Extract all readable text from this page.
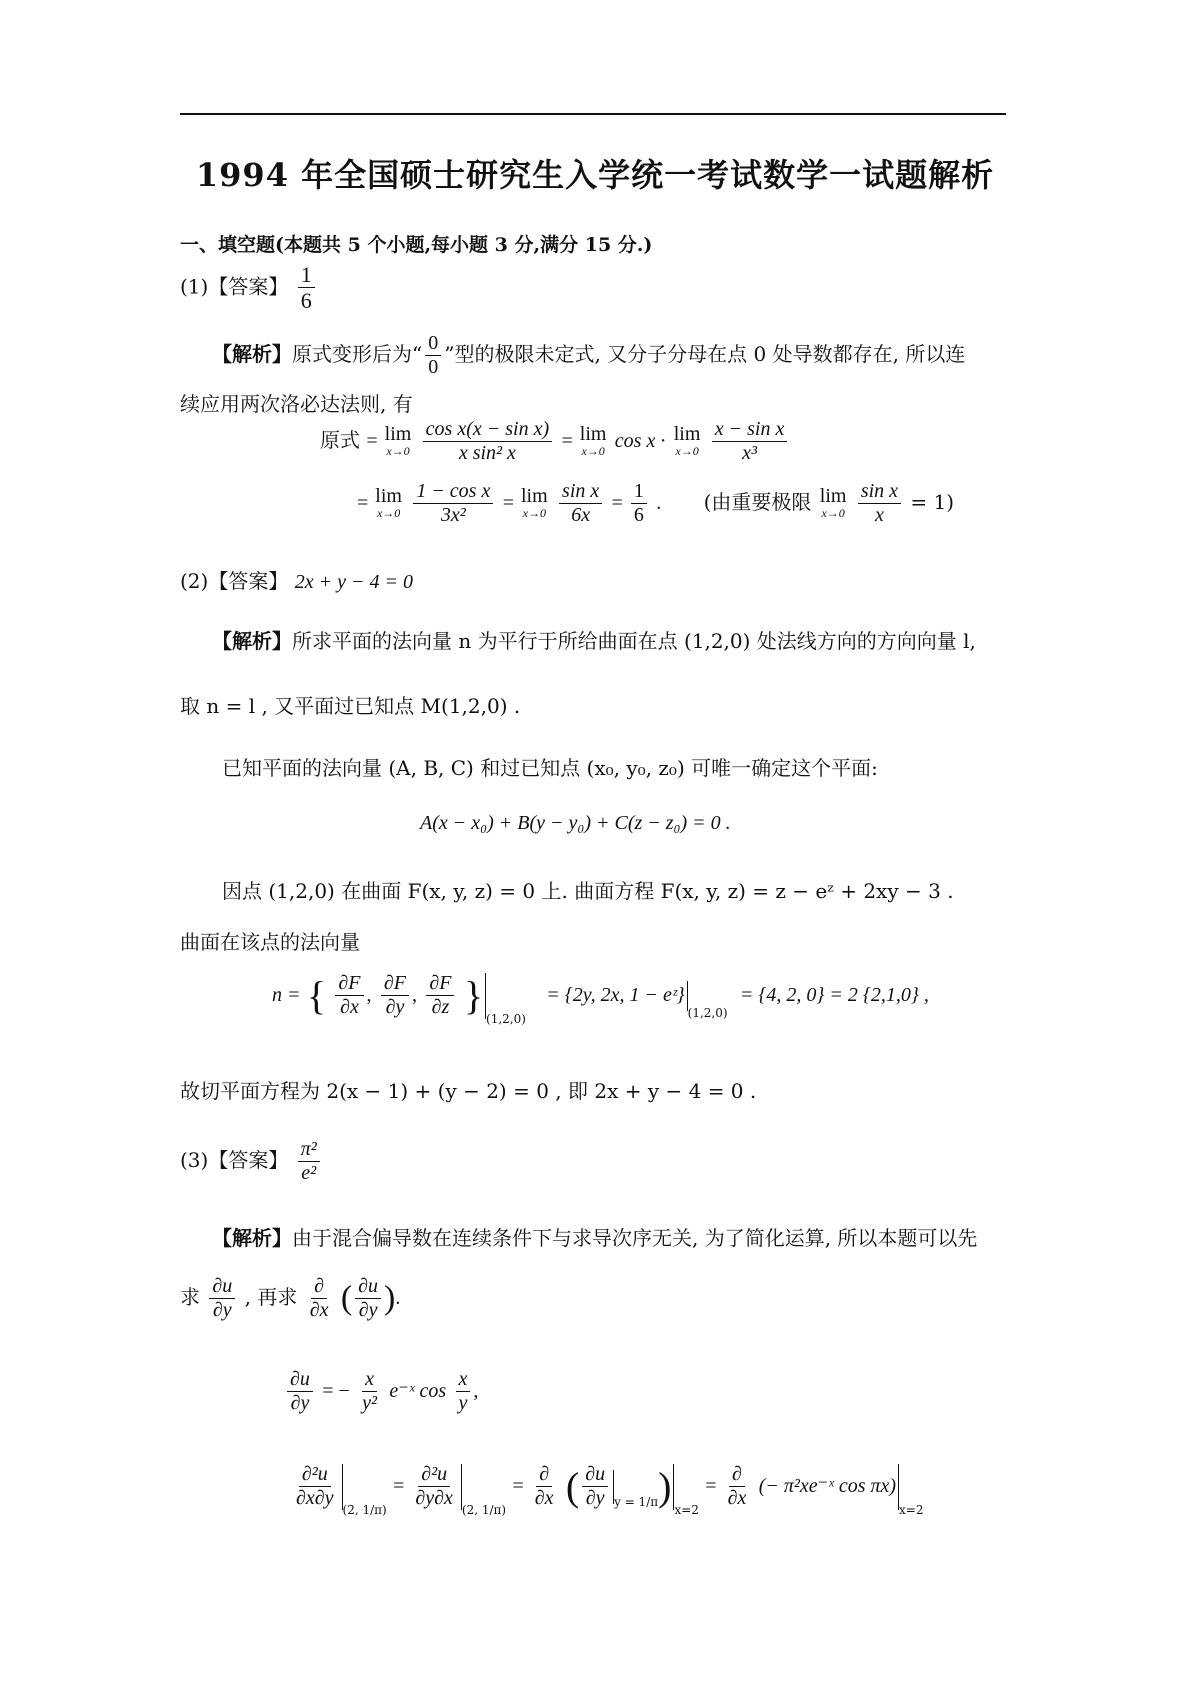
1994 年全国硕士研究生入学统一考试数学一试题解析
一、填空题(本题共 5 个小题,每小题 3 分,满分 15 分.)
(1)【答案】 $\frac{1}{6}$
【解析】原式变形后为“ $\frac{0}{0}$ ”型的极限未定式, 又分子分母在点 0 处导数都存在, 所以连
续应用两次洛必达法则, 有
原式 = lim
x→0
$\frac{\text{cos x(x − sin x)}}{\text{x sin² x}} = \lim$
x→0 cos x · lim
x→0
$\frac{\text{x − sin x}}{\text{x³}}$
= lim
x→0
$\frac{\text{1 − cos x}}{\text{3x²}} = \lim$
x→0
$\frac{\text{sin x}}{6x} = \frac{1}{6}$ . (由重要极限 lim
x→0
$\frac{\text{sin x}}{x} = 1$)
(2)【答案】 2x + y − 4 = 0
【解析】所求平面的法向量 n 为平行于所给曲面在点 (1,2,0) 处法线方向的方向向量 l,
取 n = l , 又平面过已知点 M(1,2,0) .
已知平面的法向量 (A, B, C) 和过已知点 (x₀, y₀, z₀) 可唯一确定这个平面:
A(x − x₀) + B(y − y₀) + C(z − z₀) = 0 .
因点 (1,2,0) 在曲面 F(x, y, z) = 0 上. 曲面方程 F(x, y, z) = z − eᶻ + 2xy − 3 .
曲面在该点的法向量
n = { $\frac{\partial F}{\partial x}$ , $\frac{\partial F}{\partial y}$ , $\frac{\partial F}{\partial z} \}_{(1,2,0)} = \{2y$, 2x, $1 - eᶻ\}_{(1,2,0)} = \{4$, 2, 0} = 2 {2,1,0} ,
故切平面方程为 2(x − 1) + (y − 2) = 0 , 即 2x + y − 4 = 0 .
(3)【答案】 $\frac{\text{π²}}{\text{e²}}$
【解析】由于混合偏导数在连续条件下与求导次序无关, 为了简化运算, 所以本题可以先
求 $\frac{\partial u}{\partial y}$ , 再求 $\frac{\partial}{\partial x}$ ( $\frac{\partial u}{\partial y}$ ).
$\frac{\partial u}{\partial y}$ = − $\frac{x}{\text{y²}}$ e⁻ˣ $\cos \frac{x}{y}$ ,
$\frac{\text{∂²u}}{\partial x\partial y} _{(2, 1/\pi)} = \frac{\text{∂²u}}{\partial y\partial x} _{(2, 1/\pi)} = \frac{\partial}{\partial x}$ ( $\frac{\partial u}{\partial y} _{y = 1/\pi})_{x=2} = \frac{\partial}{\partial x}$ (− π²xe⁻ˣ $\cos \pi x)_{x=2}$
